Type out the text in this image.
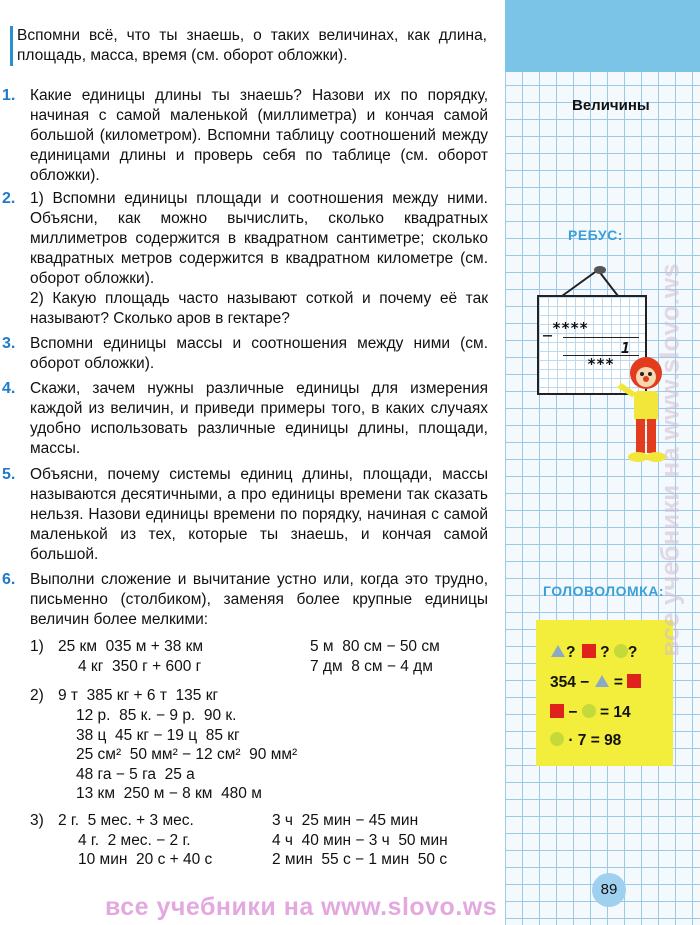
Вспомни всё, что ты знаешь, о таких величинах, как длина, площадь, масса, время (см. оборот обложки).
1. Какие единицы длины ты знаешь? Назови их по порядку, начиная с самой маленькой (миллиметра) и кончая самой большой (километром). Вспомни таблицу соотношений между единицами длины и проверь себя по таблице (см. оборот обложки).
2. 1) Вспомни единицы площади и соотношения между ними. Объясни, как можно вычислить, сколько квадратных миллиметров содержится в квадратном сантиметре; сколько квадратных метров содержится в квадратном километре (см. оборот обложки).
2) Какую площадь часто называют соткой и почему её так называют? Сколько аров в гектаре?
3. Вспомни единицы массы и соотношения между ними (см. оборот обложки).
4. Скажи, зачем нужны различные единицы для измерения каждой из величин, и приведи примеры того, в каких случаях удобно использовать различные единицы длины, площади, массы.
5. Объясни, почему системы единиц длины, площади, массы называются десятичными, а про единицы времени так сказать нельзя. Назови единицы времени по порядку, начиная с самой маленькой из тех, которые ты знаешь, и кончая самой большой.
6. Выполни сложение и вычитание устно или, когда это трудно, письменно (столбиком), заменяя более крупные единицы величин более мелкими:
1) 25 км  035 м + 38 км
4 кг  350 г + 600 г
5 м  80 см − 50 см
7 дм  8 см − 4 дм
2) 9 т  385 кг + 6 т  135 кг
12 р.  85 к. − 9 р.  90 к.
38 ц  45 кг − 19 ц  85 кг
25 см²  50 мм² − 12 см²  90 мм²
48 га − 5 га  25 а
13 км  250 м − 8 км  480 м
3) 2 г.  5 мес. + 3 мес.
4 г.  2 мес. − 2 г.
10 мин  20 с + 40 с
3 ч  25 мин − 45 мин
4 ч  40 мин − 3 ч  50 мин
2 мин  55 с − 1 мин  50 с
Величины
РЕБУС:
_****
1
***
ГОЛОВОЛОМКА:
?  ? ?
354 −  =
−  = 14
· 7 = 98
89
все учебники на www.slovo.ws
все учебники на www.slovo.ws
